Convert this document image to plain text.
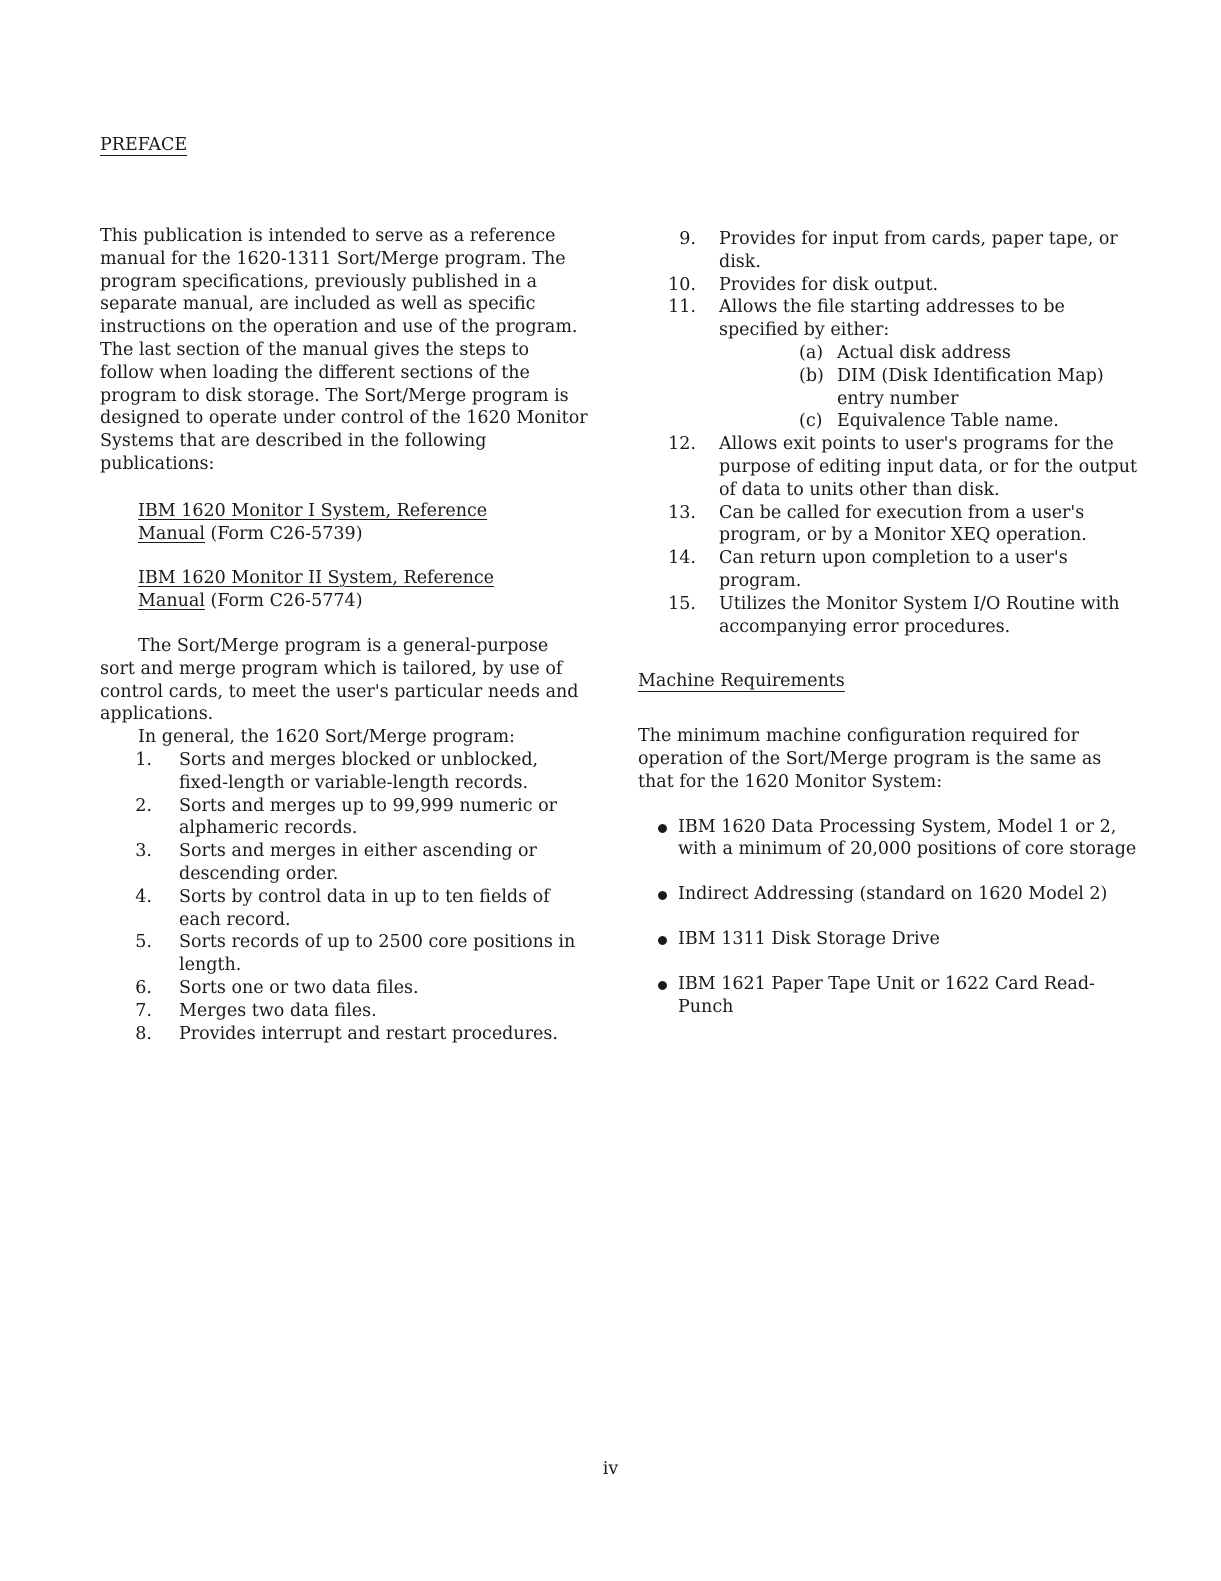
PREFACE

This publication is intended to serve as a reference manual for the 1620-1311 Sort/Merge program. The program specifications, previously published in a separate manual, are included as well as specific instructions on the operation and use of the program. The last section of the manual gives the steps to follow when loading the different sections of the program to disk storage. The Sort/Merge program is designed to operate under control of the 1620 Monitor Systems that are described in the following publications:

IBM 1620 Monitor I System, Reference
Manual (Form C26-5739)
IBM 1620 Monitor II System, Reference
Manual (Form C26-5774)

The Sort/Merge program is a general-purpose sort and merge program which is tailored, by use of control cards, to meet the user's particular needs and applications.

In general, the 1620 Sort/Merge program:

1. Sorts and merges blocked or unblocked, fixed-length or variable-length records.
2. Sorts and merges up to 99,999 numeric or alphameric records.
3. Sorts and merges in either ascending or descending order.
4. Sorts by control data in up to ten fields of each record.
5. Sorts records of up to 2500 core positions in length.
6. Sorts one or two data files.
7. Merges two data files.
8. Provides interrupt and restart procedures.
9. Provides for input from cards, paper tape, or disk.
10. Provides for disk output.
11. Allows the file starting addresses to be specified by either:
(a) Actual disk address
(b) DIM (Disk Identification Map) entry number
(c) Equivalence Table name.
12. Allows exit points to user's programs for the purpose of editing input data, or for the output of data to units other than disk.
13. Can be called for execution from a user's program, or by a Monitor XEQ operation.
14. Can return upon completion to a user's program.
15. Utilizes the Monitor System I/O Routine with accompanying error procedures.
Machine Requirements

The minimum machine configuration required for operation of the Sort/Merge program is the same as that for the 1620 Monitor System:

IBM 1620 Data Processing System, Model 1 or 2, with a minimum of 20,000 positions of core storage
Indirect Addressing (standard on 1620 Model 2)
IBM 1311 Disk Storage Drive
IBM 1621 Paper Tape Unit or 1622 Card Read-Punch
iv
